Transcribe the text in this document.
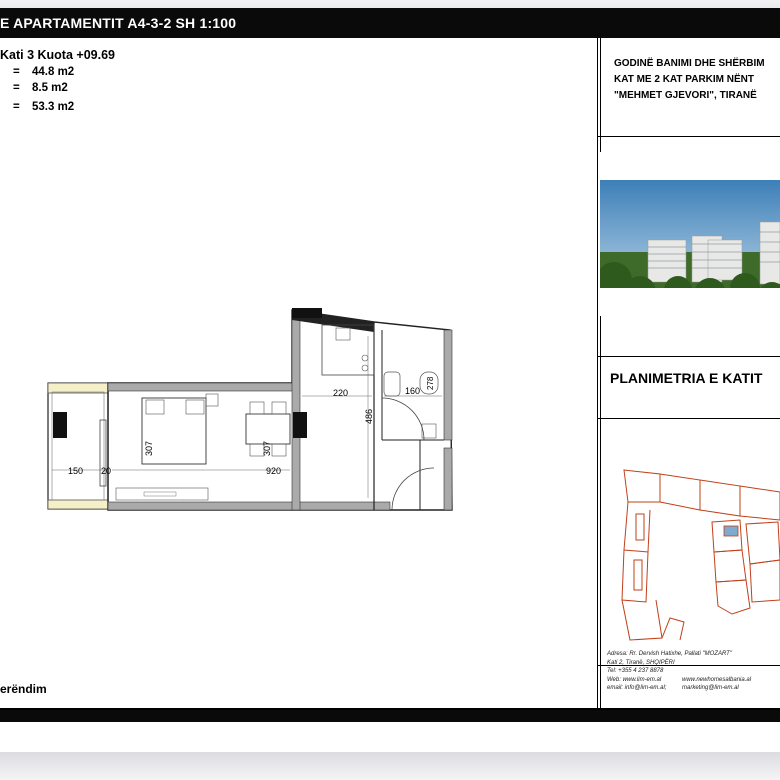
E APARTAMENTIT A4-3-2 SH 1:100
Kati 3 Kuota +09.69
= 44.8 m2
= 8.5 m2
= 53.3 m2
220	160
278
486
307	307
920
150 20
GODINË BANIMI DHE SHËRBIM
KAT ME 2 KAT PARKIM NËNT
"MEHMET GJEVORI", TIRANË
PLANIMETRIA E KATIT
Adresa: Rr. Dervish Hatixhe, Pallati "MOZART"
Kati 2, Tiranë, SHQIPËRI
Tel: +355 4 237 8878
Web: www.lim-em.al	www.newhomesalbania.al
email: info@lim-em.al;	marketing@lim-em.al
erëndim
